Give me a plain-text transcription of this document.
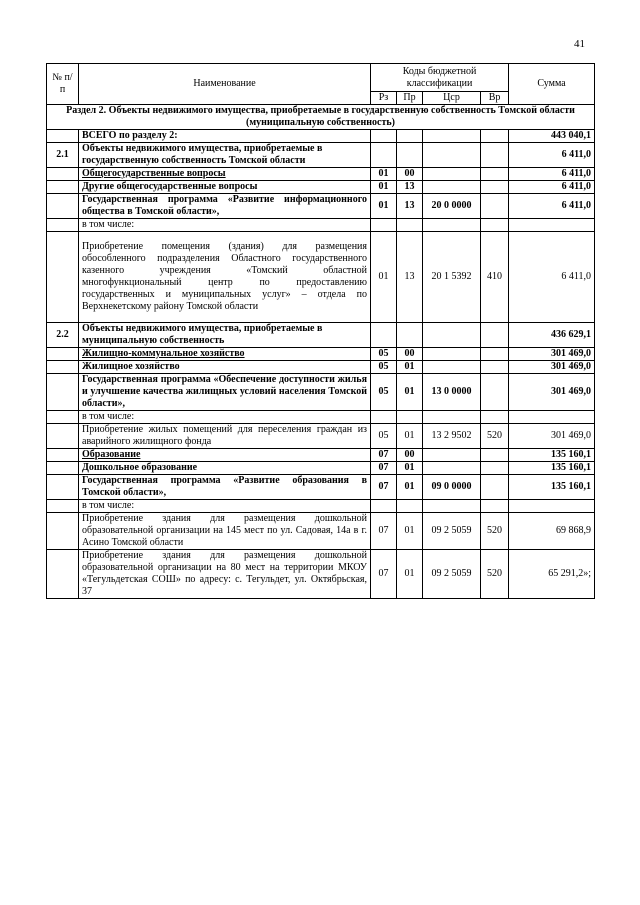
41
№ п/п	Наименование	Коды бюджетной классификации				Сумма
		Рз	Пр	Цср	Вр	
Раздел 2. Объекты недвижимого имущества, приобретаемые в государственную собственность Томской области (муниципальную собственность)						
	ВСЕГО по разделу 2:					443 040,1
2.1	Объекты недвижимого имущества, приобретаемые в государственную собственность Томской области					6 411,0
	Общегосударственные вопросы	01	00			6 411,0
	Другие общегосударственные вопросы	01	13			6 411,0
	Государственная программа «Развитие информационного общества в Томской области»,	01	13	20 0 0000		6 411,0
	в том числе:					
	Приобретение помещения (здания) для размещения обособленного подразделения Областного государственного казенного учреждения «Томский областной многофункциональный центр по предоставлению государственных и муниципальных услуг» – отдела по Верхнекетскому району Томской области	01	13	20 1 5392	410	6 411,0
2.2	Объекты недвижимого имущества, приобретаемые в муниципальную собственность					436 629,1
	Жилищно-коммунальное хозяйство	05	00			301 469,0
	Жилищное хозяйство	05	01			301 469,0
	Государственная программа «Обеспечение доступности жилья и улучшение качества жилищных условий населения Томской области»,	05	01	13 0 0000		301 469,0
	в том числе:					
	Приобретение жилых помещений для переселения граждан из аварийного жилищного фонда	05	01	13 2 9502	520	301 469,0
	Образование	07	00			135 160,1
	Дошкольное образование	07	01			135 160,1
	Государственная программа «Развитие образования в Томской области»,	07	01	09 0 0000		135 160,1
	в том числе:					
	Приобретение здания для размещения дошкольной образовательной организации на 145 мест по ул. Садовая, 14а в г. Асино Томской области	07	01	09 2 5059	520	69 868,9
	Приобретение здания для размещения дошкольной образовательной организации на 80 мест на территории МКОУ «Тегульдетская СОШ» по адресу: с. Тегульдет, ул. Октябрьская, 37	07	01	09 2 5059	520	65 291,2»;
